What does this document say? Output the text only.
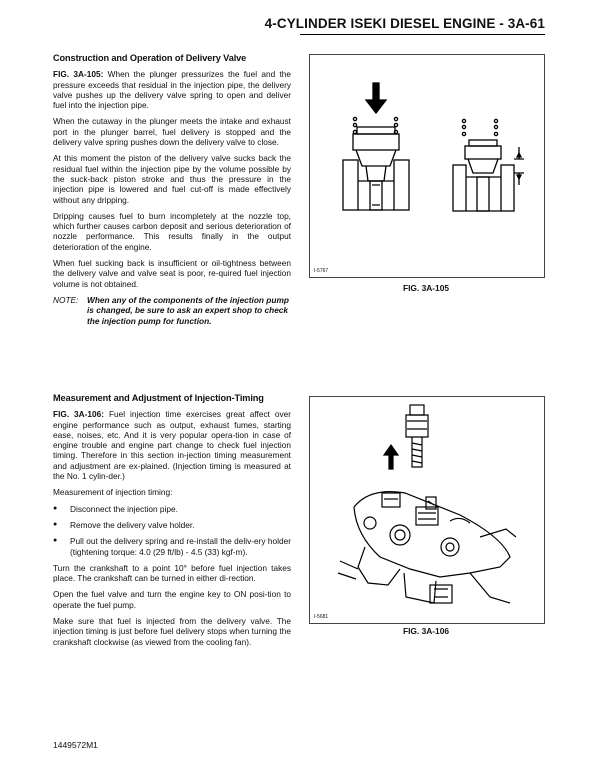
4-CYLINDER ISEKI DIESEL ENGINE - 3A-61
Construction and Operation of Delivery Valve

FIG. 3A-105: When the plunger pressurizes the fuel and the pressure exceeds that residual in the injection pipe, the delivery valve pushes up the delivery valve spring to open and deliver fuel into the injection pipe.

When the cutaway in the plunger meets the intake and exhaust port in the plunger barrel, fuel delivery is stopped and the delivery valve spring pushes down the delivery valve to close.

At this moment the piston of the delivery valve sucks back the residual fuel within the injection pipe by the volume possible by the suck-back piston stroke and thus the pressure in the injection pipe is lowered and fuel cut-off is made effectively without any dripping.

Dripping causes fuel to burn incompletely at the nozzle top, which further causes carbon deposit and serious deterioration of nozzle performance. This results finally in the output deterioration of the engine.

When fuel sucking back is insufficient or oil-tightness between the delivery valve and valve seat is poor, re-quired fuel injection volume is not obtained.

NOTE:	When any of the components of the injection pump is changed, be sure to ask an expert shop to check the injection pump for function.
I-5767
FIG. 3A-105
Measurement and Adjustment of Injection-Timing

FIG. 3A-106: Fuel injection time exercises great affect over engine performance such as output, exhaust fumes, starting ease, noises, etc. And it is very popular opera-tion in case of engine trouble and engine part change to check fuel injection timing. Therefore in this section in-jection timing measurement and adjustment are ex-plained. (Injection timing is measured at the No. 1 cylin-der.)

Measurement of injection timing:

● Disconnect the injection pipe.
● Remove the delivery valve holder.
● Pull out the delivery spring and re-install the deliv-ery holder (tightening torque: 4.0 (29 ft/lb) - 4.5 (33) kgf-m).

Turn the crankshaft to a point 10° before fuel injection takes place. The crankshaft can be turned in either di-rection.

Open the fuel valve and turn the engine key to ON posi-tion to operate the fuel pump.

Make sure that fuel is injected from the delivery valve. The injection timing is just before fuel delivery stops when turning the crankshaft clockwise (as viewed from the cooling fan).

I-5681
FIG. 3A-106
1449572M1
